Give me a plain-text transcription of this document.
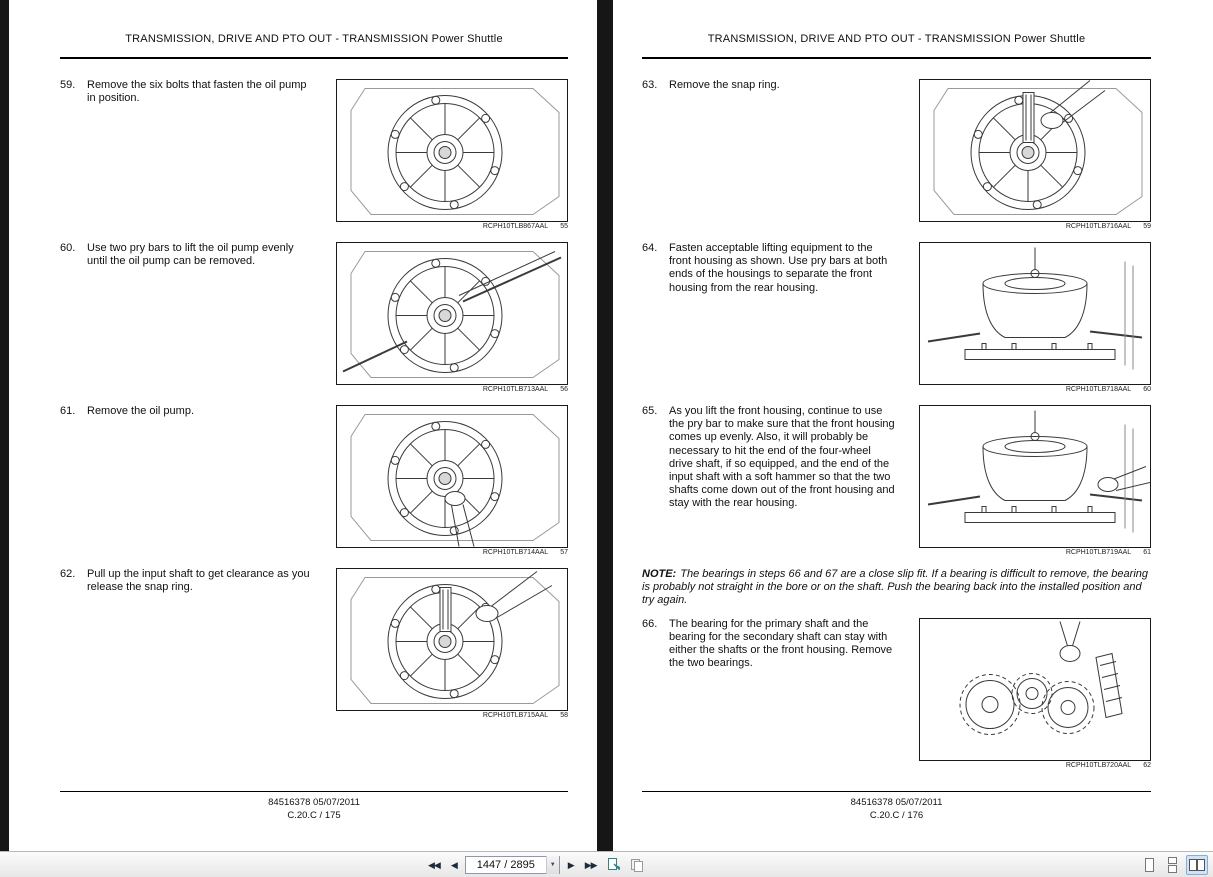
TRANSMISSION, DRIVE AND PTO OUT - TRANSMISSION Power Shuttle
59.	Remove the six bolts that fasten the oil pump in position.
RCPH10TLB867AAL 55
60.	Use two pry bars to lift the oil pump evenly until the oil pump can be removed.
RCPH10TLB713AAL 56
61.	Remove the oil pump.
RCPH10TLB714AAL 57
62.	Pull up the input shaft to get clearance as you release the snap ring.
RCPH10TLB715AAL 58
84516378 05/07/2011
C.20.C / 175
TRANSMISSION, DRIVE AND PTO OUT - TRANSMISSION Power Shuttle
63.	Remove the snap ring.
RCPH10TLB716AAL 59
64.	Fasten acceptable lifting equipment to the front housing as shown. Use pry bars at both ends of the housings to separate the front housing from the rear housing.
RCPH10TLB718AAL 60
65.	As you lift the front housing, continue to use the pry bar to make sure that the front housing comes up evenly. Also, it will probably be necessary to hit the end of the four-wheel drive shaft, if so equipped, and the end of the input shaft with a soft hammer so that the two shafts come down out of the front housing and stay with the rear housing.
RCPH10TLB719AAL 61
NOTE: The bearings in steps 66 and 67 are a close slip fit. If a bearing is difficult to remove, the bearing is probably not straight in the bore or on the shaft. Push the bearing back into the installed position and try again.
66.	The bearing for the primary shaft and the bearing for the secondary shaft can stay with either the shafts or the front housing. Remove the two bearings.
RCPH10TLB720AAL 62
84516378 05/07/2011
C.20.C / 176
◀◀	◀
1447 / 2895	▼	▶	▶▶
